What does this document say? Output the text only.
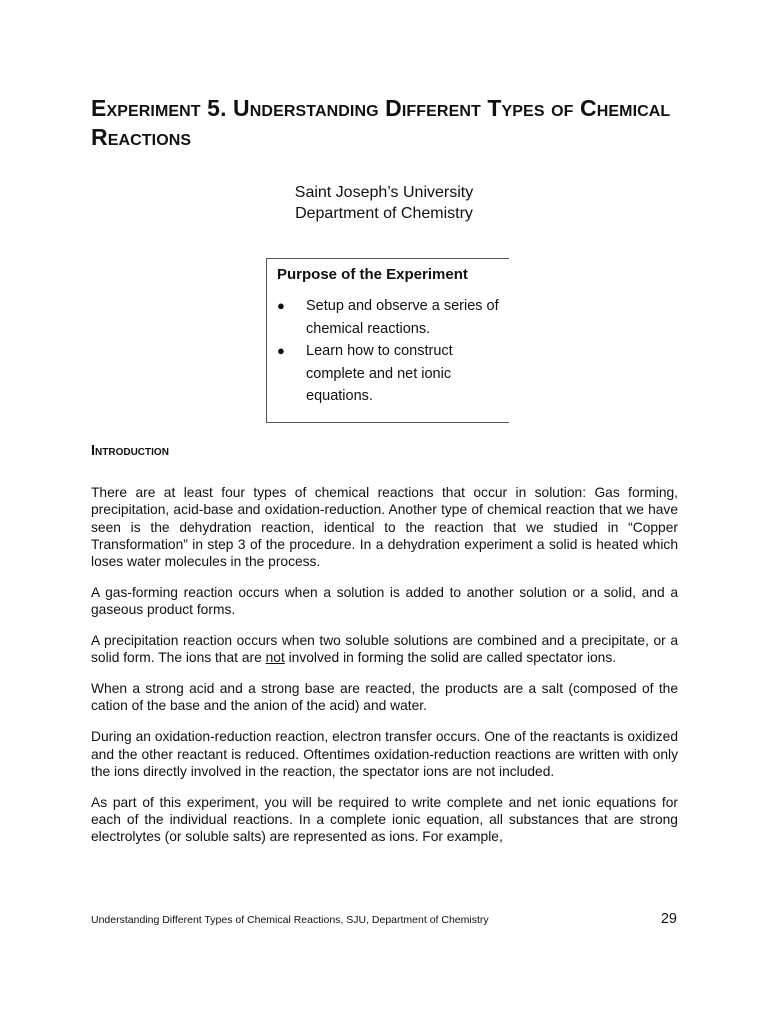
Experiment 5. Understanding Different Types of Chemical Reactions
Saint Joseph’s University
Department of Chemistry
Purpose of the Experiment
● Setup and observe a series of chemical reactions.
● Learn how to construct complete and net ionic equations.
Introduction

There are at least four types of chemical reactions that occur in solution: Gas forming, precipitation, acid-base and oxidation-reduction. Another type of chemical reaction that we have seen is the dehydration reaction, identical to the reaction that we studied in “Copper Transformation” in step 3 of the procedure. In a dehydration experiment a solid is heated which loses water molecules in the process.

A gas-forming reaction occurs when a solution is added to another solution or a solid, and a gaseous product forms.

A precipitation reaction occurs when two soluble solutions are combined and a precipitate, or a solid form. The ions that are not involved in forming the solid are called spectator ions.

When a strong acid and a strong base are reacted, the products are a salt (composed of the cation of the base and the anion of the acid) and water.

During an oxidation-reduction reaction, electron transfer occurs. One of the reactants is oxidized and the other reactant is reduced. Oftentimes oxidation-reduction reactions are written with only the ions directly involved in the reaction, the spectator ions are not included.

As part of this experiment, you will be required to write complete and net ionic equations for each of the individual reactions. In a complete ionic equation, all substances that are strong electrolytes (or soluble salts) are represented as ions. For example,

Understanding Different Types of Chemical Reactions, SJU, Department of Chemistry	29
